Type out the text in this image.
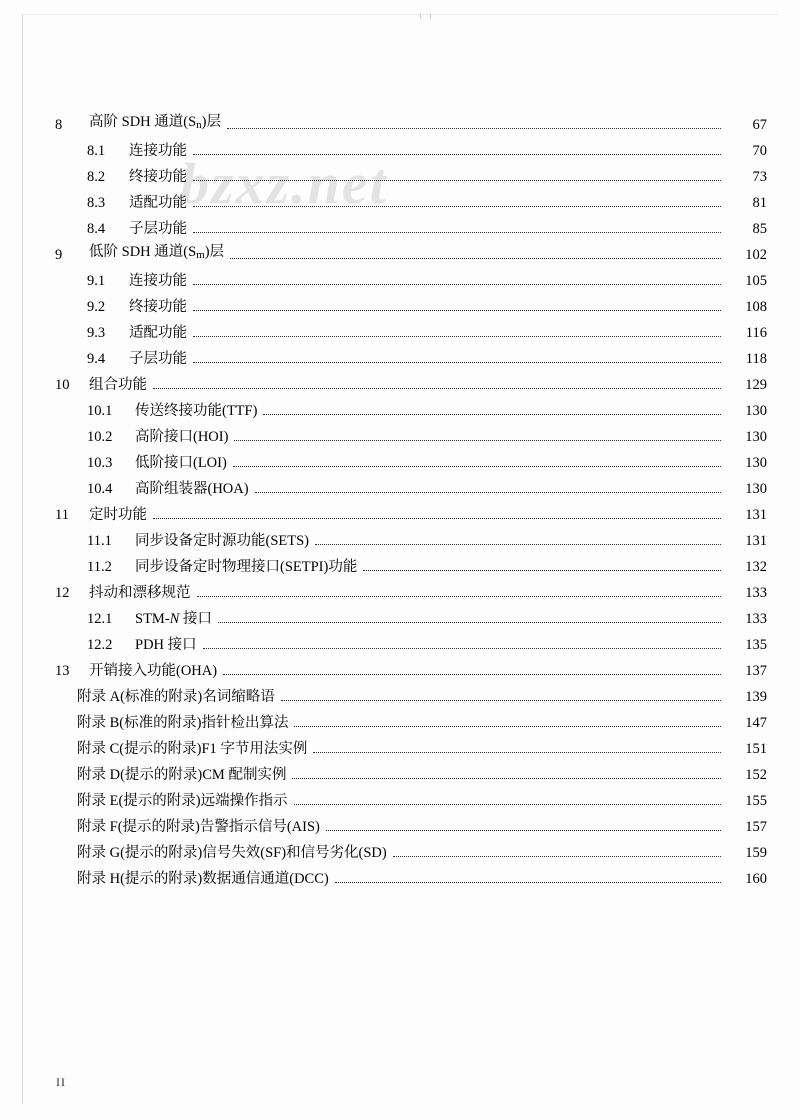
bzxz.net
8	高阶 SDH 通道(Sn)层	67
8.1	连接功能	70
8.2	终接功能	73
8.3	适配功能	81
8.4	子层功能	85
9	低阶 SDH 通道(Sm)层	102
9.1	连接功能	105
9.2	终接功能	108
9.3	适配功能	116
9.4	子层功能	118
10	组合功能	129
10.1	传送终接功能(TTF)	130
10.2	高阶接口(HOI)	130
10.3	低阶接口(LOI)	130
10.4	高阶组装器(HOA)	130
11	定时功能	131
11.1	同步设备定时源功能(SETS)	131
11.2	同步设备定时物理接口(SETPI)功能	132
12	抖动和漂移规范	133
12.1	STM-N 接口	133
12.2	PDH 接口	135
13	开销接入功能(OHA)	137
附录 A(标准的附录)名词缩略语	139
附录 B(标准的附录)指针检出算法	147
附录 C(提示的附录)F1 字节用法实例	151
附录 D(提示的附录)CM 配制实例	152
附录 E(提示的附录)远端操作指示	155
附录 F(提示的附录)告警指示信号(AIS)	157
附录 G(提示的附录)信号失效(SF)和信号劣化(SD)	159
附录 H(提示的附录)数据通信通道(DCC)	160
II
